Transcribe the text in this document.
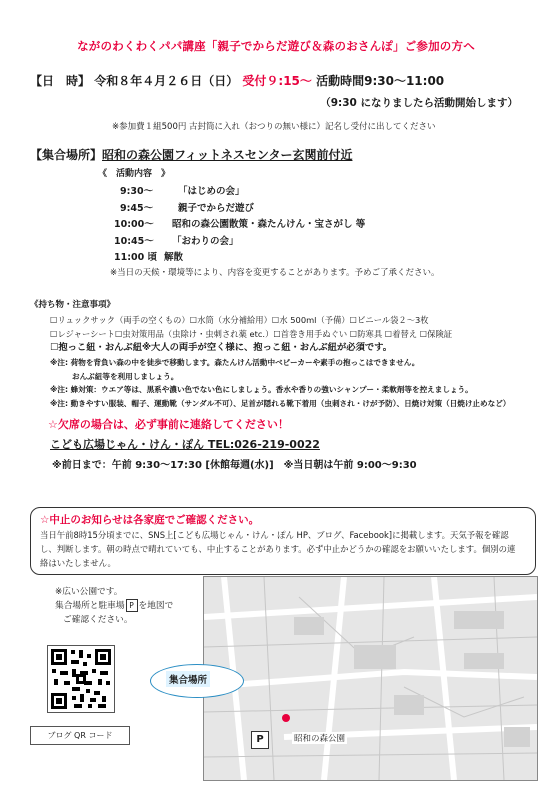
ながのわくわくパパ講座「親子でからだ遊び＆森のおさんぽ」ご参加の方へ
【日　時】 令和８年４月２６日（日） 受付９:15～ 活動時間9:30～11:00
（9:30 になりましたら活動開始します）
※参加費１組500円 古封筒に入れ（おつりの無い様に）記名し受付に出してください
【集合場所】昭和の森公園フィットネスセンター玄関前付近
《　活動内容　》
9:30～	「はじめの会」
9:45～	親子でからだ遊び
10:00～ 昭和の森公園散策・森たんけん・宝さがし 等
10:45～ 「おわりの会」
11:00 頃 解散
※当日の天候・環境等により、内容を変更することがあります。予めご了承ください。
《持ち物・注意事項》
☐リュックサック（両手の空くもの）☐水筒（水分補給用）☐水 500ml（予備）☐ビニール袋２～3枚
☐レジャーシート☐虫対策用品（虫除け・虫刺され薬 etc.）☐首巻き用手ぬぐい ☐防寒具 ☐着替え ☐保険証
☐抱っこ紐・おんぶ紐※大人の両手が空く様に、抱っこ紐・おんぶ紐が必須です。
※注: 荷物を背負い森の中を徒歩で移動します。森たんけん活動中ベビーカーや素手の抱っこはできません。
おんぶ紐等を利用しましょう。
※注: 蜂対策：ウエア等は、黒系や濃い色でない色にしましょう。香水や香りの強いシャンプー・柔軟剤等を控えましょう。
※注: 動きやすい服装、帽子、運動靴（サンダル不可）、足首が隠れる靴下着用（虫刺され・けが予防）、日焼け対策（日焼け止めなど）
☆欠席の場合は、必ず事前に連絡してください！
こども広場じゃん・けん・ぽん TEL:026-219-0022
※前日まで：午前 9:30～17:30 [休館毎週(水)]　※当日朝は午前 9:00～9:30
☆中止のお知らせは各家庭でご確認ください。
当日午前8時15分頃までに、SNS上[こども広場じゃん・けん・ぽん HP、ブログ、Facebook]に掲載します。天気予報を確認し、判断します。朝の時点で晴れていても、中止することがあります。必ず中止かどうかの確認をお願いいたします。個別の連絡はいたしません。
※広い公園です。
集合場所と駐車場 P を地図で
ご確認ください。
ブログ QR コード
集合場所
P	昭和の森公園
